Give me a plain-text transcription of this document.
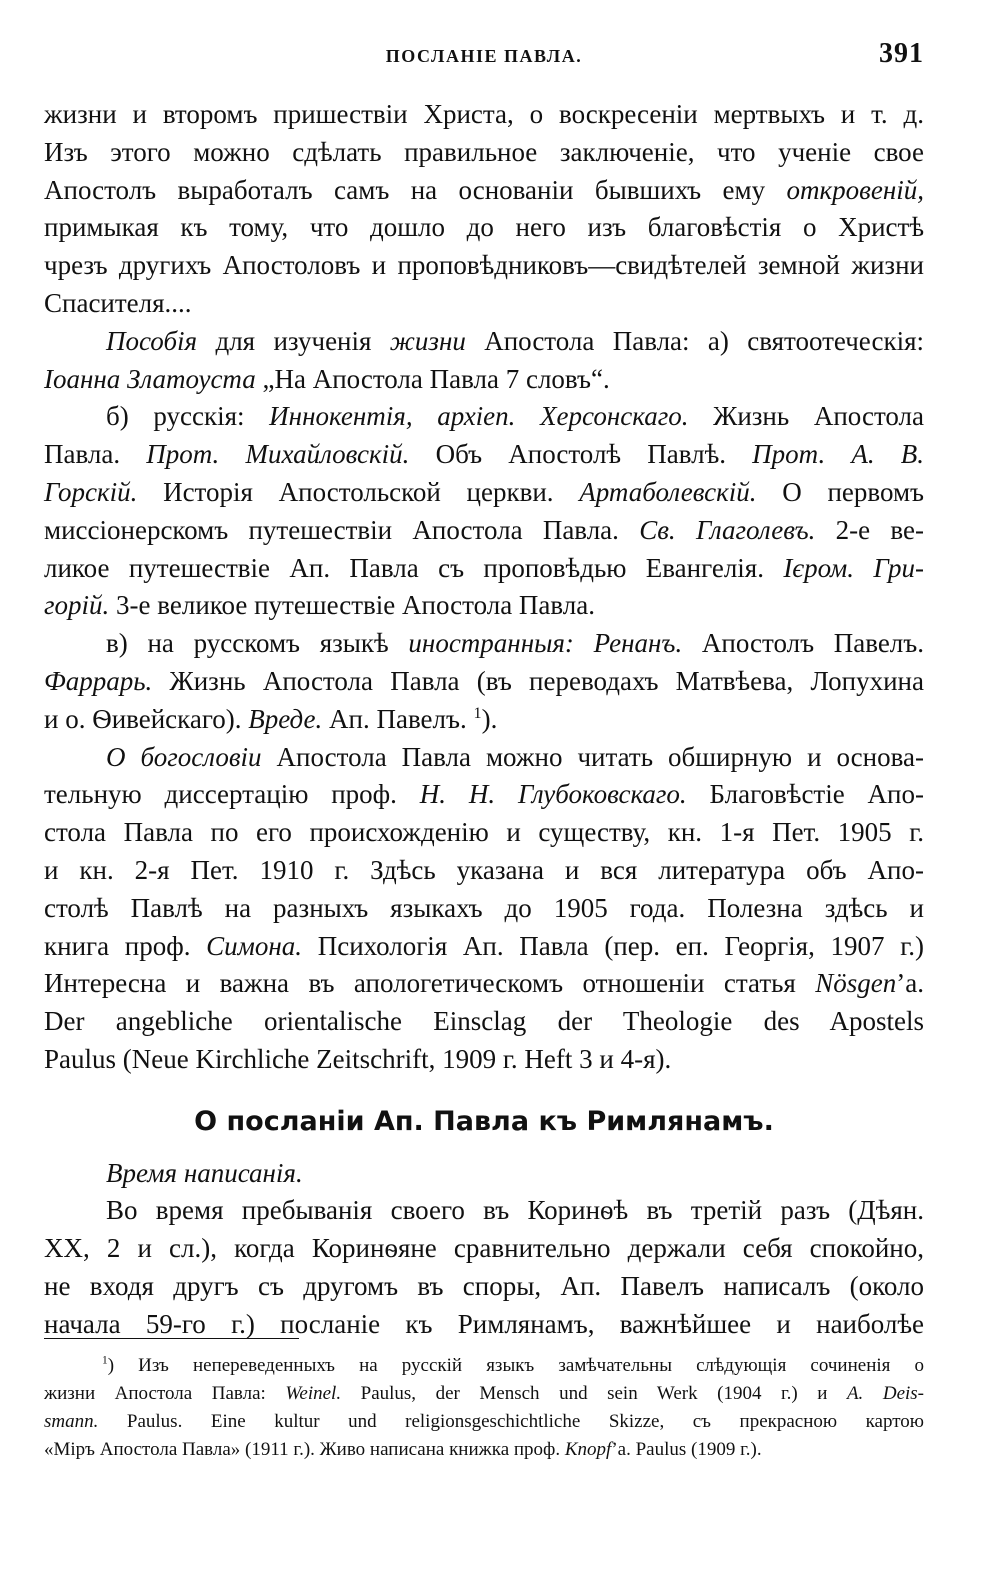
ПОСЛАНІЕ ПАВЛА.	391

жизни и второмъ пришествіи Христа, о воскресеніи мертвыхъ и т. д.

Изъ этого можно сдѣлать правильное заключеніе, что ученіе свое

Апостолъ выработалъ самъ на основаніи бывшихъ ему откровеній,

примыкая къ тому, что дошло до него изъ благовѣстія о Христѣ

чрезъ другихъ Апостоловъ и проповѣдниковъ—свидѣтелей земной жизни

Спасителя....

Пособія для изученія жизни Апостола Павла: а) святоотеческія:

Іоанна Златоуста „На Апостола Павла 7 словъ“.

б) русскія: Иннокентія, архіеп. Херсонскаго. Жизнь Апостола

Павла. Прот. Михайловскій. Объ Апостолѣ Павлѣ. Прот. А. В.

Горскій. Исторія Апостольской церкви. Артаболевскій. О первомъ

миссіонерскомъ путешествіи Апостола Павла. Св. Глаголевъ. 2-е ве-

ликое путешествіе Ап. Павла съ проповѣдью Евангелія. Ієром. Гри-

горій. 3-е великое путешествіе Апостола Павла.

в) на русскомъ языкѣ иностранныя: Ренанъ. Апостолъ Павелъ.

Фаррарь. Жизнь Апостола Павла (въ переводахъ Матвѣева, Лопухина

и о. Ѳивейскаго). Вреде. Ап. Павелъ. $^1$).

О богословіи Апостола Павла можно читать обширную и основа-

тельную диссертацію проф. Н. Н. Глубоковскаго. Благовѣстіе Апо-

стола Павла по его происхожденію и существу, кн. 1-я Пет. 1905 г.

и кн. 2-я Пет. 1910 г. Здѣсь указана и вся литература объ Апо-

столѣ Павлѣ на разныхъ языкахъ до 1905 года. Полезна здѣсь и

книга проф. Симона. Психологія Ап. Павла (пер. еп. Георгія, 1907 г.)

Интересна и важна въ апологетическомъ отношеніи статья Nösgen’а.

Der angebliche orientalische Einsclag der Theologie des Apostels

Paulus (Neue Kirchliche Zeitschrift, 1909 г. Heft 3 и 4-я).

О посланіи Ап. Павла къ Римлянамъ.

Время написанія.

Во время пребыванія своего въ Коринѳѣ въ третій разъ (Дѣян.

XX, 2 и сл.), когда Коринѳяне сравнительно держали себя спокойно,

не входя другъ съ другомъ въ споры, Ап. Павелъ написалъ (около

начала 59-го г.) посланіе къ Римлянамъ, важнѣйшее и наиболѣе

$^1$) Изъ непереведенныхъ на русскій языкъ замѣчательны слѣдующія сочиненія о

жизни Апостола Павла: Weinel. Paulus, der Mensch und sein Werk (1904 г.) и A. Deis-

smann. Paulus. Eine kultur und religionsgeschichtliche Skizze, съ прекрасною картою

«Міръ Апостола Павла» (1911 г.). Живо написана книжка проф. Knopf’а. Paulus (1909 г.).
